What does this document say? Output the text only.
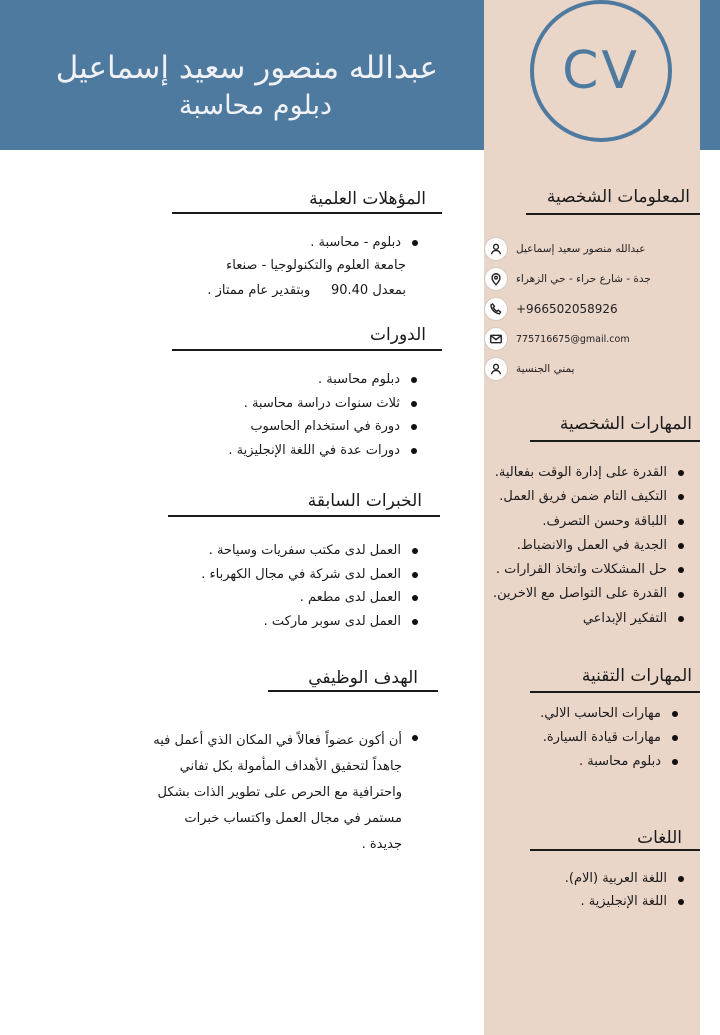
CV
عبدالله منصور سعيد إسماعيل
دبلوم محاسبة
المعلومات الشخصية
عبدالله منصور سعيد إسماعيل
جدة - شارع حراء - حي الزهراء
+966502058926
775716675@gmail.com
يمني الجنسية
المهارات الشخصية
القدرة على إدارة الوقت بفعالية.
التكيف التام ضمن فريق العمل.
اللباقة وحسن التصرف.
الجدية في العمل والانضباط.
حل المشكلات واتخاذ القرارات .
القدرة على التواصل مع الاخرين.
التفكير الإبداعي
المهارات التقنية
مهارات الحاسب الالي.
مهارات قيادة السيارة.
دبلوم محاسبة .
اللغات
اللغة العربية (الام).
اللغة الإنجليزية .
المؤهلات العلمية
دبلوم - محاسبة .
جامعة العلوم والتكنولوجيا - صنعاء
بمعدل 90.40     وبتقدير عام ممتاز .
الدورات
دبلوم محاسبة .
ثلاث سنوات دراسة محاسبة .
دورة في استخدام الحاسوب
دورات عدة في اللغة الإنجليزية .
الخبرات السابقة
العمل لدى مكتب سفريات وسياحة .
العمل لدى شركة في مجال الكهرباء .
العمل لدى مطعم .
العمل لدى سوبر ماركت .
الهدف الوظيفي
أن أكون عضواً فعالاً في المكان الذي أعمل فيه
جاهداً لتحقيق الأهداف المأمولة بكل تفاني
واحترافية مع الحرص على تطوير الذات بشكل
مستمر في مجال العمل واكتساب خبرات
جديدة .
